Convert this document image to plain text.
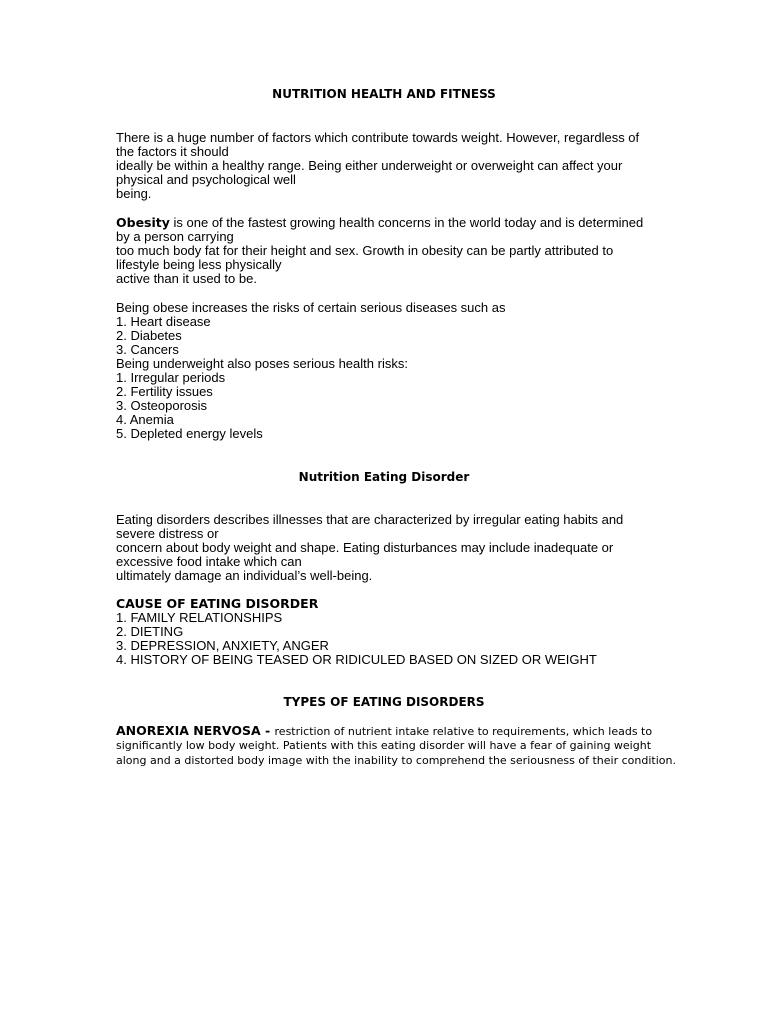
NUTRITION HEALTH AND FITNESS
There is a huge number of factors which contribute towards weight. However, regardless of
the factors it should
ideally be within a healthy range. Being either underweight or overweight can affect your
physical and psychological well
being.
Obesity is one of the fastest growing health concerns in the world today and is determined
by a person carrying
too much body fat for their height and sex. Growth in obesity can be partly attributed to
lifestyle being less physically
active than it used to be.
Being obese increases the risks of certain serious diseases such as
1. Heart disease
2. Diabetes
3. Cancers
Being underweight also poses serious health risks:
1. Irregular periods
2. Fertility issues
3. Osteoporosis
4. Anemia
5. Depleted energy levels
Nutrition Eating Disorder
Eating disorders describes illnesses that are characterized by irregular eating habits and
severe distress or
concern about body weight and shape. Eating disturbances may include inadequate or
excessive food intake which can
ultimately damage an individual’s well-being.
CAUSE OF EATING DISORDER
1. FAMILY RELATIONSHIPS
2. DIETING
3. DEPRESSION, ANXIETY, ANGER
4. HISTORY OF BEING TEASED OR RIDICULED BASED ON SIZED OR WEIGHT
TYPES OF EATING DISORDERS
ANOREXIA NERVOSA - restriction of nutrient intake relative to requirements, which leads to
significantly low body weight. Patients with this eating disorder will have a fear of gaining weight
along and a distorted body image with the inability to comprehend the seriousness of their condition.
